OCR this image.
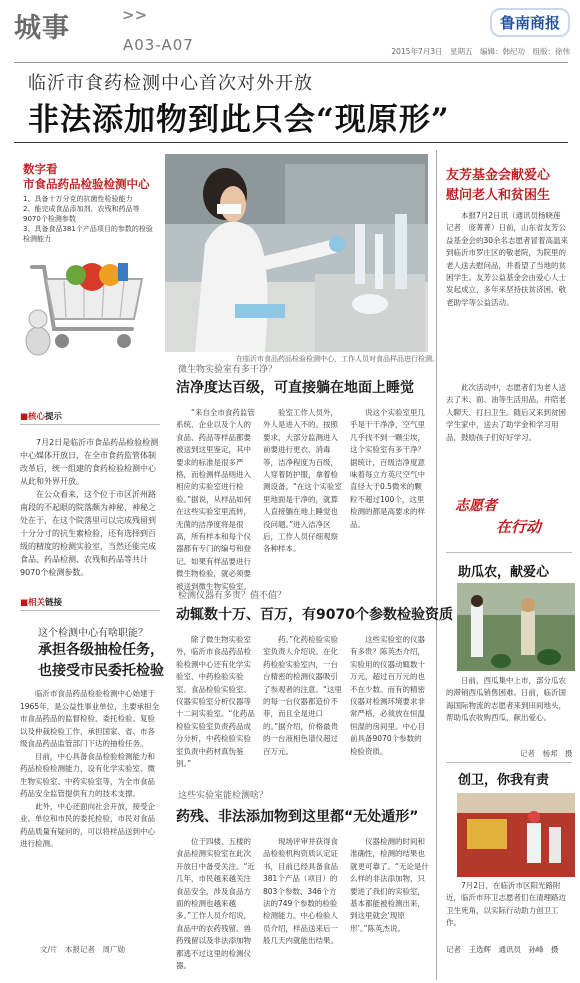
城事	>>
A03-A07
鲁南商报
2015年7月3日　星期五　编辑：韩纪功　组版：徐伟
临沂市食药检测中心首次对外开放
非法添加物到此只会“现原形”
数字看
市食品药品检验检测中心
1、具备十万分克的抗菌性检验能力
2、能完成食品添加剂、农残和药品等9070个检测参数
3、具备食品381个产品项目的参数的检验检测能力
在临沂市食品药品检验检测中心，工作人员对食品样品进行检测。
■核心提示

7月2日是临沂市食品药品检验检测中心媒体开放日，在全市食药监管体制改革后，统一组建的食药检验检测中心从此和外界开放。

在公众看来，这个位于市区沂州路南段的不起眼的院落颇为神秘，神秘之处在于，在这个院落里可以完成残留到十分分寸的抗生素检验，还有选择到百级的精度的检测实验室，当然还能完成食品、药品检测、农残和药品等共计9070个检测参数。

■相关链接
这个检测中心有啥职能？
承担各级抽检任务，
也接受市民委托检验

临沂市食品药品检验检测中心始建于1965年，是公益性事业单位，主要承担全市食品药品的监督检验、委托检验、复验以及仲裁检验工作，承担国家、省、市各级食品药品监管部门下达的抽检任务。

目前，中心具备食品检验检测能力和药品检验检测能力，设有化学实验室、微生物实验室、中药实验室等，为全市食品药品安全监管提供有力的技术支撑。

此外，中心还面向社会开放，接受企业、单位和市民的委托检验，市民对食品药品质量有疑问的，可以将样品送到中心进行检测。

文/片　本报记者　周广勋
微生物实验室有多干净？
洁净度达百级，可直接躺在地面上睡觉
“来自全市食药监管系统、企业以及个人的食品、药品等样品都要被送到这里鉴定，其中要求的标准是很多严格，而检测样品则进入相应的实验室进行检验。”据说，从样品如何在这些实验室里流转，无菌的洁净度将是很高，所有样本和每个仪器都有专门的编号和登记。如果有样品要进行微生物检验，就必须要被送到微生物实验室。
验室工作人员外，外人是进入不的。按照要求，大部分监测进入前要进行更衣、消毒等，洁净程度为百级，人穿着防护服，拿着检测设备。“在这个实验室里地面是干净的，就算人直接躺在地上睡觉也没问题。”进入洁净区后，工作人员仔细观察各种样本。
说这个实验室里几乎是干干净净，空气里几乎找不到一颗尘埃，这个实验室有多干净？据统计，百级洁净度意味着每立方英尺空气中直径大于0.5微米的颗粒不超过100个，这里检测的都是高要求的样品。
检测仪器有多贵？值不值？
动辄数十万、百万，有9070个参数检验资质
除了微生物实验室外，临沂市食品药品检验检测中心还有化学实验室、中药检验实验室、食品检验实验室、仪器实验室分析仪器等十二间实验室。“化药品检验实验室负责药品成分分析，中药检验实验室负责中药材真伪鉴别。”
药。”化药检验实验室负责人介绍说。在化药检验实验室内，一台台精密的检测仪器吸引了参观者的注意。“这里的每一台仪器都造价不菲，而且全是进口的。”据介绍，价格最贵的一台液相色谱仪超过百万元。
这些实验室的仪器有多贵？陈英杰介绍，实验用的仪器动辄数十万元，超过百万元的也不在少数。而有的精密仪器对检测环境要求非常严格，必须放在恒温恒湿的房间里。中心目前具备9070个参数的检验资质。
这些实验室能检测啥？
药残、非法添加物到这里都“无处遁形”
位于四楼、五楼的食品检测实验室在此次开放日中备受关注。“近几年，市民越来越关注食品安全，涉及食品方面的检测也越来越多。”工作人员介绍说，食品中的农药残留、兽药残留以及非法添加物都逃不过这里的检测仪器。
现场评审并获得食品检验机构资质认定证书，目前已经具备食品381个产品（项目）的803个参数、346个方法的749个参数的检验检测能力。中心检验人员介绍，样品送来后一般几天内就能出结果。
仪器检测的时间和准确性，检测的结果也就更可靠了。“无论是什么样的非法添加物，只要进了我们的实验室，基本都能被检测出来，到这里就会‘现原形’。”陈英杰说。
友芳基金会献爱心
慰问老人和贫困生
本报7月2日讯（通讯员杨晓莲　记者　庞菁菁）日前，山东省友芳公益基金会的30余名志愿者冒着高温来到临沂市罗庄区的敬老院，为院里的老人送去慰问品，并看望了当地的贫困学生。友芳公益基金会由爱心人士发起成立，多年来坚持扶贫济困、敬老助学等公益活动。
此次活动中，志愿者们为老人送去了米、面、油等生活用品，并陪老人聊天、打扫卫生。随后又来到贫困学生家中，送去了助学金和学习用品，鼓励孩子们好好学习。
志愿者
在行动
助瓜农，献爱心
日前，西瓜集中上市，部分瓜农的滞销西瓜销售困难。日前，临沂国海国际物流的志愿者来到田间地头，帮助瓜农收购西瓜，献出爱心。
记者　杨邦　摄
创卫，你我有责
7月2日，在临沂市区阳光路附近，临沂市环卫志愿者们在清理路边卫生死角，以实际行动助力创卫工作。
记者　王选辉　通讯员　孙峰　摄
